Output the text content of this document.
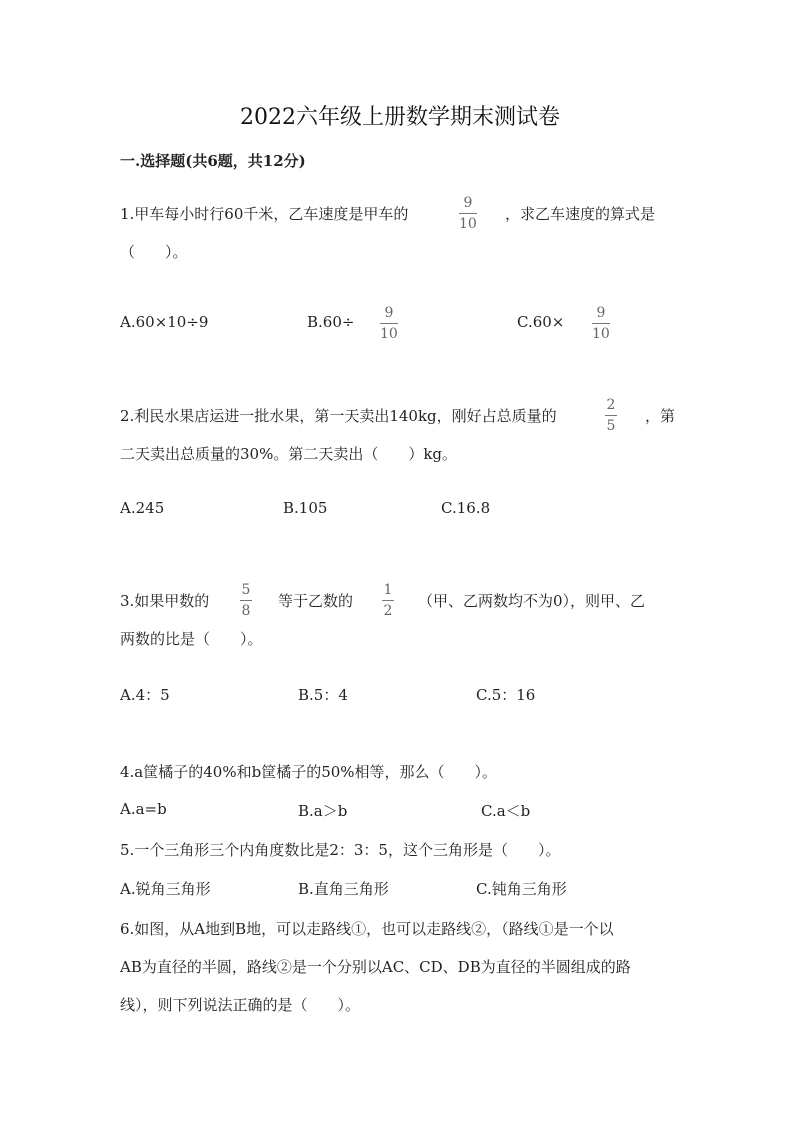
2022六年级上册数学期末测试卷
一.选择题(共6题，共12分)
1.甲车每小时行60千米，乙车速度是甲车的
9
10
，求乙车速度的算式是
（　　）。
A.60×10÷9	B.60÷ 9
10
C.60× 9
10
2.利民水果店运进一批水果，第一天卖出140kg，刚好占总质量的
2
5
，第
二天卖出总质量的30%。第二天卖出（　　）kg。
A.245	B.105	C.16.8
3.如果甲数的
5
8
等于乙数的
1
2
（甲、乙两数均不为0），则甲、乙
两数的比是（　　）。
A.4：5	B.5：4	C.5：16
4.a筐橘子的40%和b筐橘子的50%相等，那么（　　）。
A.a=b	B.a＞b	C.a＜b
5.一个三角形三个内角度数比是2：3：5，这个三角形是（　　）。
A.锐角三角形	B.直角三角形	C.钝角三角形
6.如图，从A地到B地，可以走路线①，也可以走路线②，（路线①是一个以
AB为直径的半圆，路线②是一个分别以AC、CD、DB为直径的半圆组成的路
线），则下列说法正确的是（　　）。
